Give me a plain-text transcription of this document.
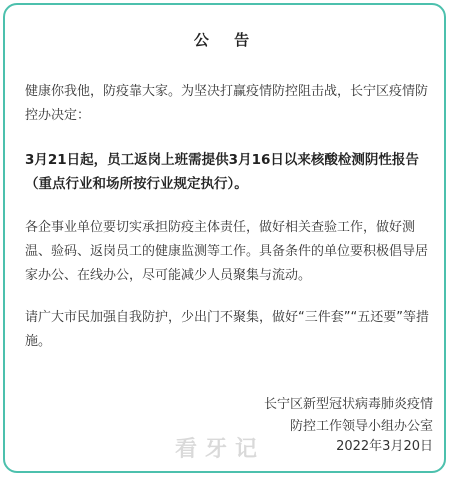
公 告
健康你我他，防疫靠大家。为坚决打赢疫情防控阻击战，长宁区疫情防控办决定：
3月21日起，员工返岗上班需提供3月16日以来核酸检测阴性报告（重点行业和场所按行业规定执行）。
各企事业单位要切实承担防疫主体责任，做好相关查验工作，做好测温、验码、返岗员工的健康监测等工作。具备条件的单位要积极倡导居家办公、在线办公，尽可能减少人员聚集与流动。
请广大市民加强自我防护，少出门不聚集，做好“三件套”“五还要”等措施。
看牙记
长宁区新型冠状病毒肺炎疫情
防控工作领导小组办公室
2022年3月20日
